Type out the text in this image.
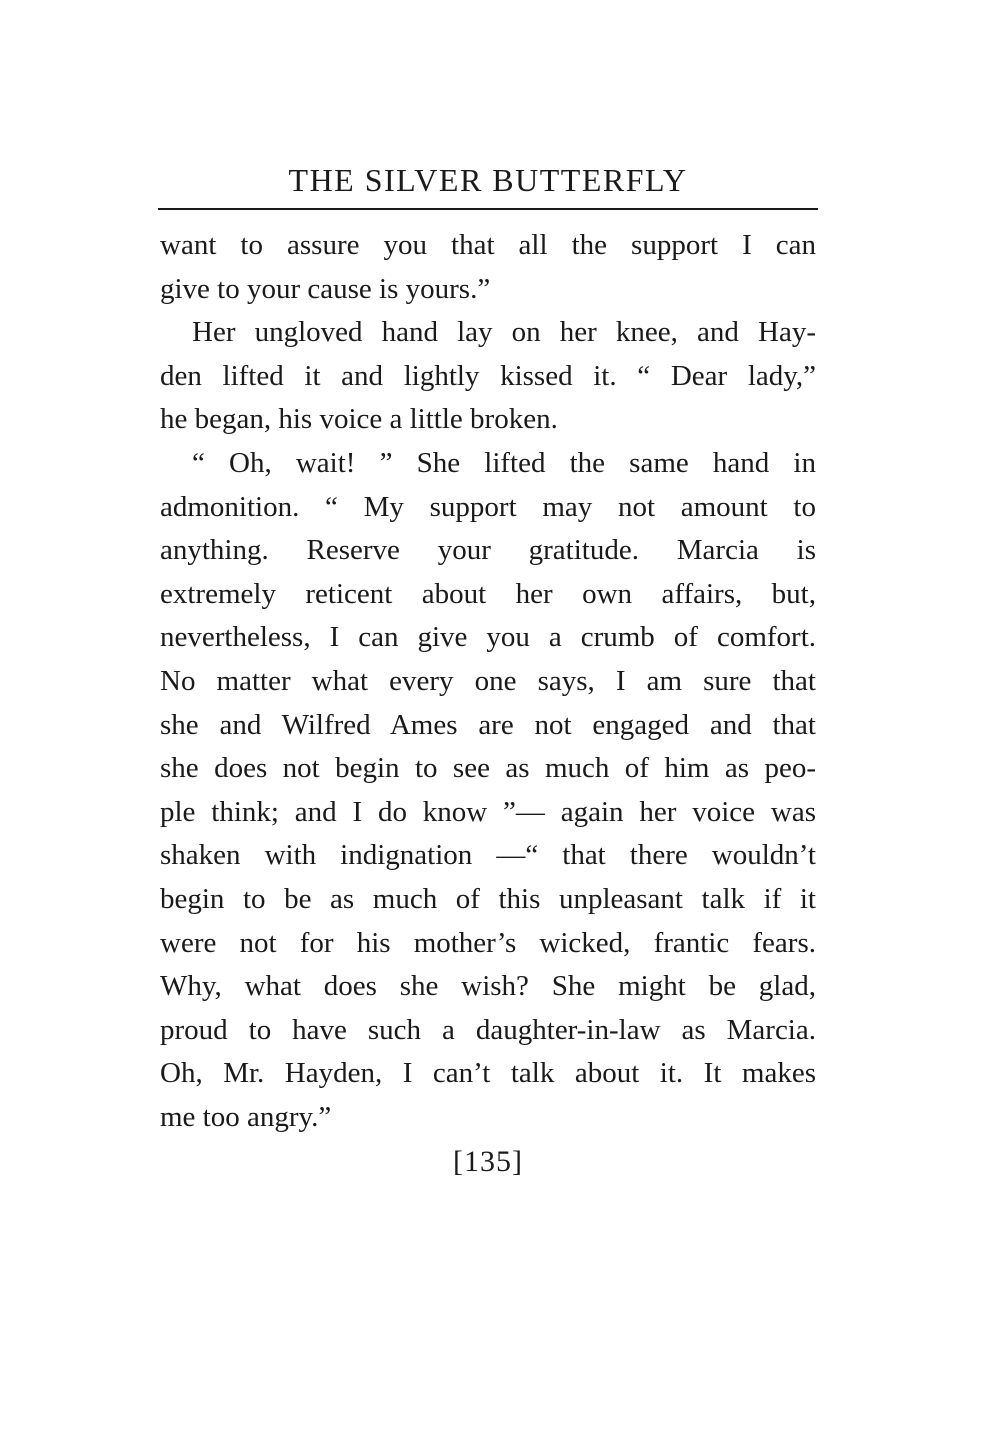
THE SILVER BUTTERFLY
want to assure you that all the support I can
give to your cause is yours.”
Her ungloved hand lay on her knee, and Hay-
den lifted it and lightly kissed it. “ Dear lady,”
he began, his voice a little broken.
“ Oh, wait! ” She lifted the same hand in
admonition. “ My support may not amount to
anything. Reserve your gratitude. Marcia is
extremely reticent about her own affairs, but,
nevertheless, I can give you a crumb of comfort.
No matter what every one says, I am sure that
she and Wilfred Ames are not engaged and that
she does not begin to see as much of him as peo-
ple think; and I do know ”— again her voice was
shaken with indignation —“ that there wouldn’t
begin to be as much of this unpleasant talk if it
were not for his mother’s wicked, frantic fears.
Why, what does she wish? She might be glad,
proud to have such a daughter-in-law as Marcia.
Oh, Mr. Hayden, I can’t talk about it. It makes
me too angry.”
[135]
